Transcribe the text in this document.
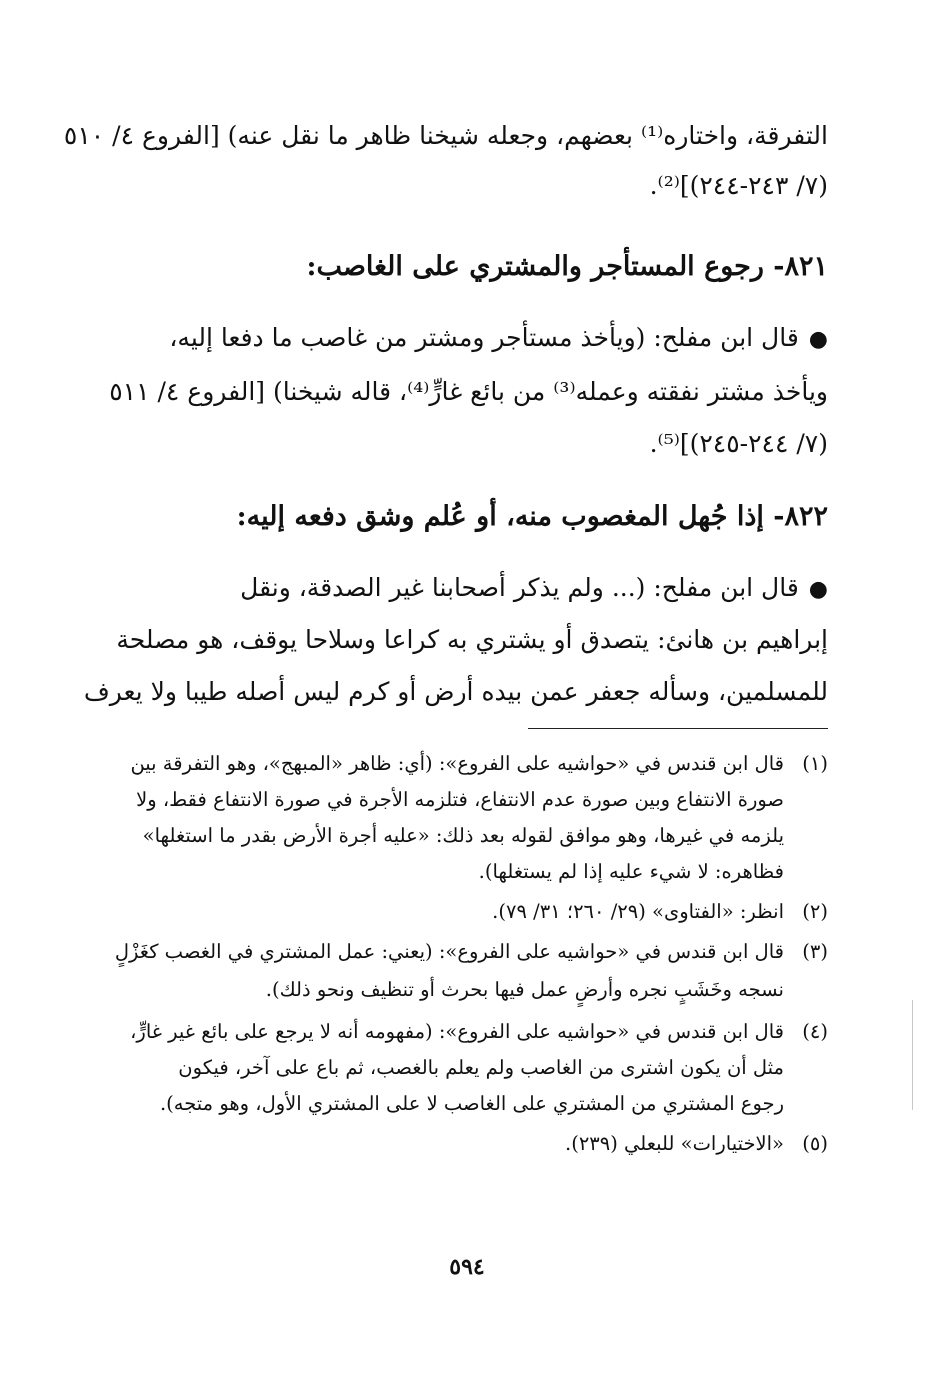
التفرقة، واختاره⁽¹⁾ بعضهم، وجعله شيخنا ظاهر ما نقل عنه) [الفروع ٤/ ٥١٠
(٧/ ٢٤٣-٢٤٤)]⁽²⁾.
٨٢١- رجوع المستأجر والمشتري على الغاصب:
●قال ابن مفلح: (ويأخذ مستأجر ومشتر من غاصب ما دفعا إليه،
ويأخذ مشتر نفقته وعمله⁽³⁾ من بائع غارٍّ⁽⁴⁾، قاله شيخنا) [الفروع ٤/ ٥١١
(٧/ ٢٤٤-٢٤٥)]⁽⁵⁾.
٨٢٢- إذا جُهل المغصوب منه، أو عُلم وشق دفعه إليه:
●قال ابن مفلح: (... ولم يذكر أصحابنا غير الصدقة، ونقل
إبراهيم بن هانئ: يتصدق أو يشتري به كراعا وسلاحا يوقف، هو مصلحة
للمسلمين، وسأله جعفر عمن بيده أرض أو كرم ليس أصله طيبا ولا يعرف
(١)قال ابن قندس في «حواشيه على الفروع»: (أي: ظاهر «المبهج»، وهو التفرقة بين
صورة الانتفاع وبين صورة عدم الانتفاع، فتلزمه الأجرة في صورة الانتفاع فقط، ولا
يلزمه في غيرها، وهو موافق لقوله بعد ذلك: «عليه أجرة الأرض بقدر ما استغلها»
فظاهره: لا شيء عليه إذا لم يستغلها).
(٢)انظر: «الفتاوى» (٢٩/ ٢٦٠؛ ٣١/ ٧٩).
(٣)قال ابن قندس في «حواشيه على الفروع»: (يعني: عمل المشتري في الغصب كغَزْلٍ
نسجه وخَشَبٍ نجره وأرضٍ عمل فيها بحرث أو تنظيف ونحو ذلك).
(٤)قال ابن قندس في «حواشيه على الفروع»: (مفهومه أنه لا يرجع على بائع غير غارٍّ،
مثل أن يكون اشترى من الغاصب ولم يعلم بالغصب، ثم باع على آخر، فيكون
رجوع المشتري من المشتري على الغاصب لا على المشتري الأول، وهو متجه).
(٥)«الاختيارات» للبعلي (٢٣٩).
٥٩٤
